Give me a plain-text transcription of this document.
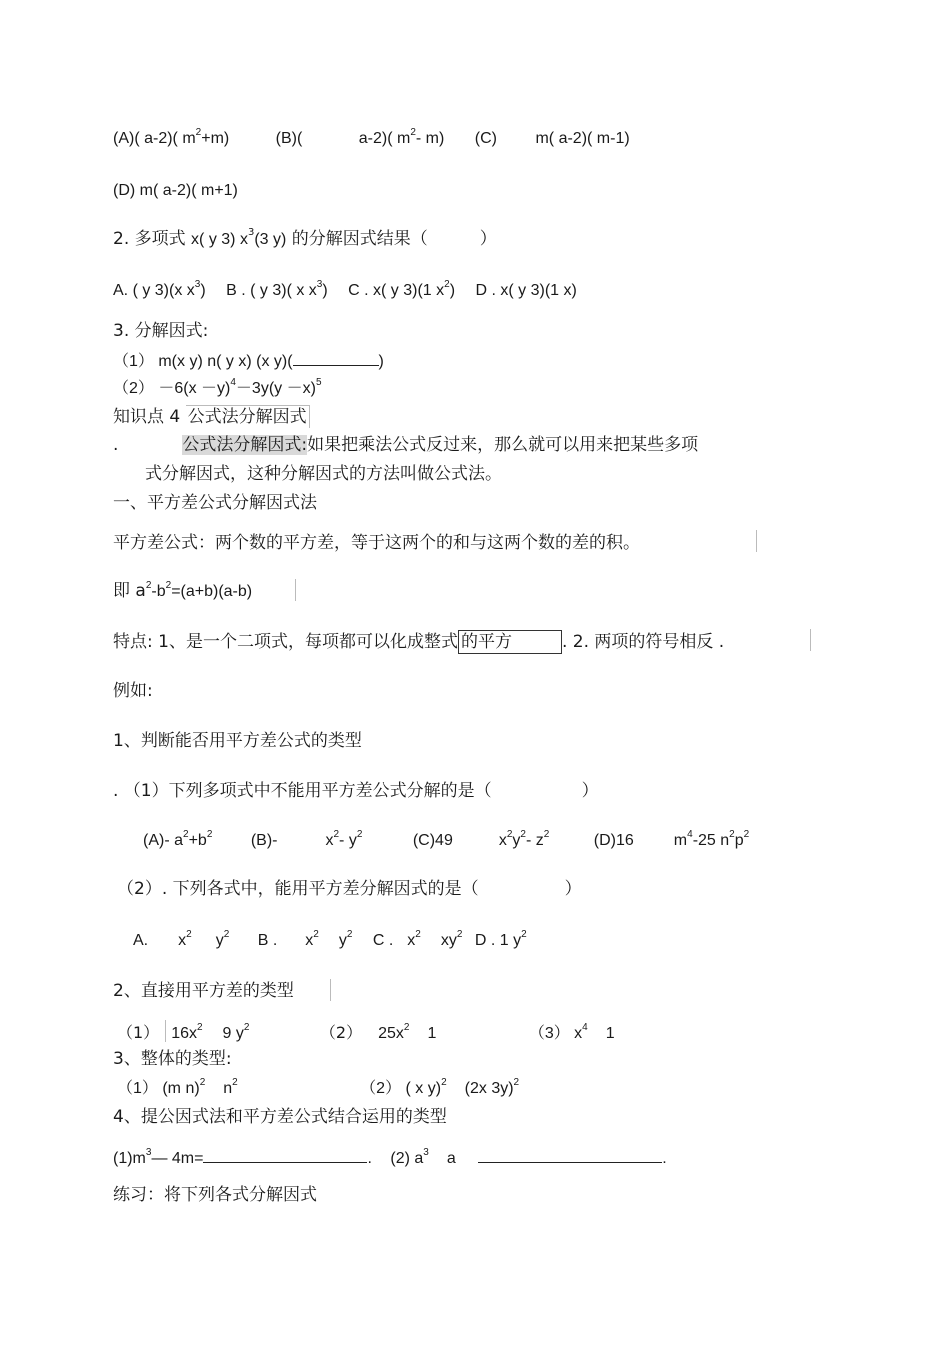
(A)( a-2)( $m^2+m$)	(B)(	a-2)( $m^2-$ m) (C) m( a-2)( m-1)
(D) m( a-2)( m+1)
2. 多项式 x( y 3) $x^3(3$ y) 的分解因式结果（	）
A. ( y 3)(x $x^3$) B . ( y 3)( x $x^3$) C . x( y 3)(1 $x^2$) D . x( y 3)(1 x)
3. 分解因式:
（1） m(x y) n( y x) (x y)(	)
$(2) -6(x -y)^4-3y(y -x)^5$
知识点 4 公式法分解因式
.	公式法分解因式:如果把乘法公式反过来，那么就可以用来把某些多项
式分解因式，这种分解因式的方法叫做公式法。
一、平方差公式分解因式法
平方差公式：两个数的平方差，等于这两个的和与这两个数的差的积。
即 $a^2-b^2=(a+b)(a-b)$
特点: 1、是一个二项式，每项都可以化成整式 的平方	. 2. 两项的符号相反 .
例如:
1、判断能否用平方差公式的类型
. （1）下列多项式中不能用平方差公式分解的是（	）
(A)- $a^2+b^2$ (B)-	$x^2-$ $y^2$	(C)49	$x^2y^2-$ $z^2$	(D)16	$m^4-25$ $n^2p^2$
（2）. 下列各式中，能用平方差分解因式的是（	）
A. $x^2$ $y^2$ B . $x^2$ $y^2$ C . $x^2$ $xy^2$ D . 1 $y^2$
2、直接用平方差的类型
（1） $16x^2$ 9 $y^2$	（2） $25x^2$ 1	（3） $x^4$ 1
3、整体的类型:
（1） (m n)$^2$ $n^2$	（2） ( x y)$^2$ (2x 3y)$^2$
4、提公因式法和平方差公式结合运用的类型
$(1)m^3—$ 4m=	. (2) $a^3$ a	.
练习：将下列各式分解因式
